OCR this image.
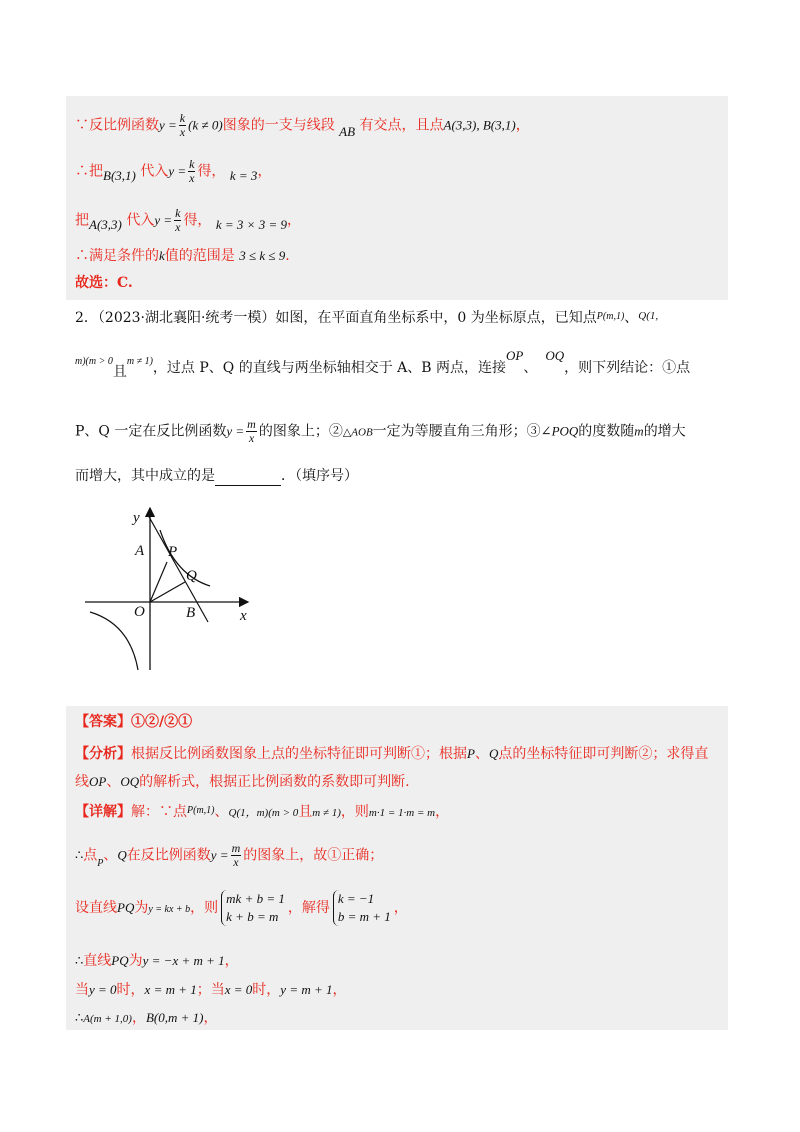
∵反比例函数$y = \frac{k}{x} (k \ne 0)$图象的一支与线段 AB 有交点，且点A(3,3), B(3,1)，
∴把B(3,1) 代入$y = \frac{k}{x}$ 得， k = 3，
把A(3,3) 代入$y = \frac{k}{x}$ 得， k = 3 × 3 = 9，
∴满足条件的k值的范围是 3 ≤ k ≤ 9.
故选：C.
2．（2023·湖北襄阳·统考一模）如图，在平面直角坐标系中，0 为坐标原点，已知点$^{P(m,1)}$、$^{Q(1,}$
$^{m)(m > 0}$且$^{m \ne 1)}$，过点 P、Q 的直线与两坐标轴相交于 A、B 两点，连接OP、OQ，则下列结论：①点
P、Q 一定在反比例函数$y = \frac{m}{x}$ 的图象上；②△AOB一定为等腰直角三角形；③∠POQ的度数随m的增大
而增大，其中成立的是	．（填序号）
y
x
A P
Q
O	B
【答案】①②/②①
【分析】根据反比例函数图象上点的坐标特征即可判断①；根据P、Q点的坐标特征即可判断②；求得直
线OP、OQ的解析式，根据正比例函数的系数即可判断.
【详解】解：∵点$^{P(m,1)}$、Q(1，m)(m > 0且m ≠ 1)，则m·1 = 1·m = m，
∴点$_P$、Q在反比例函数$y = \frac{m}{x}$ 的图象上，故①正确；
设直线PQ为y = kx + b，则
mk + b = 1
k + b = m
，解得
k = −1
b = m + 1
，
∴直线PQ为y = −x + m + 1，
当y = 0时，x = m + 1；当x = 0时，y = m + 1，
∴A(m + 1,0)，B(0,m + 1)，
